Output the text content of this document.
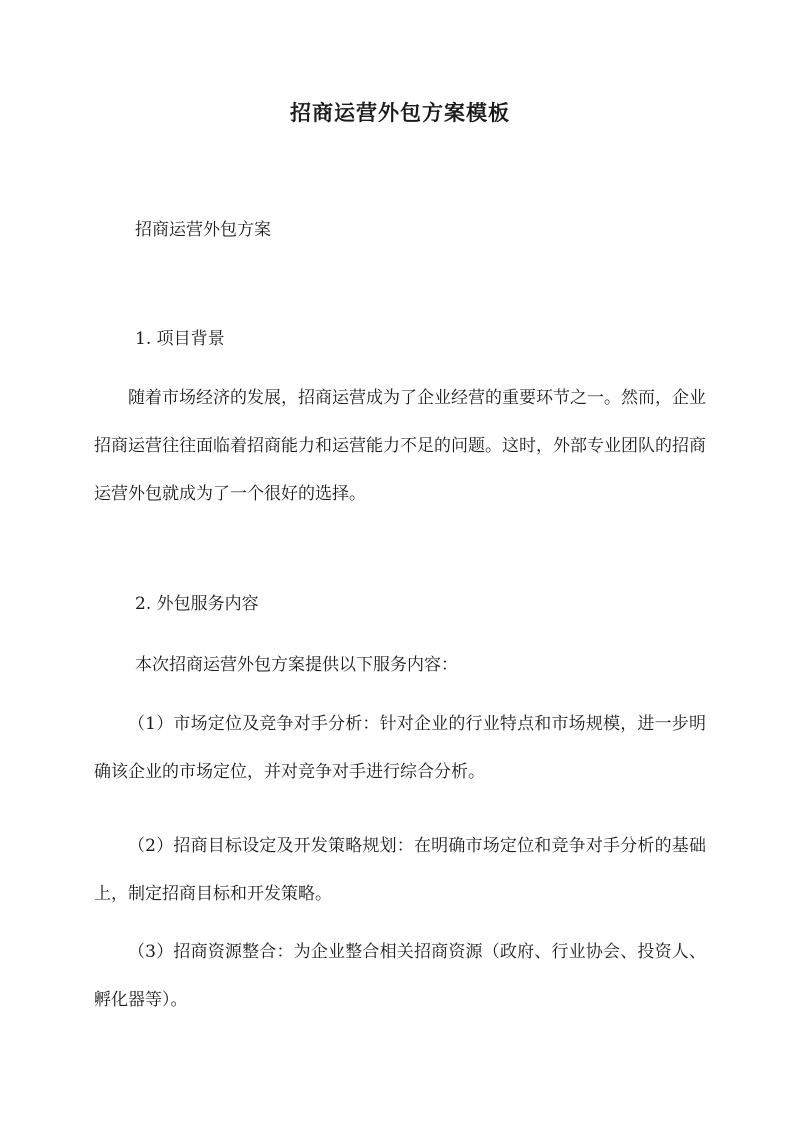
招商运营外包方案模板
招商运营外包方案
1. 项目背景
随着市场经济的发展，招商运营成为了企业经营的重要环节之一。然而，企业招商运营往往面临着招商能力和运营能力不足的问题。这时，外部专业团队的招商运营外包就成为了一个很好的选择。
2. 外包服务内容
本次招商运营外包方案提供以下服务内容：
（1）市场定位及竞争对手分析：针对企业的行业特点和市场规模，进一步明确该企业的市场定位，并对竞争对手进行综合分析。
（2）招商目标设定及开发策略规划：在明确市场定位和竞争对手分析的基础上，制定招商目标和开发策略。
（3）招商资源整合：为企业整合相关招商资源（政府、行业协会、投资人、孵化器等）。
